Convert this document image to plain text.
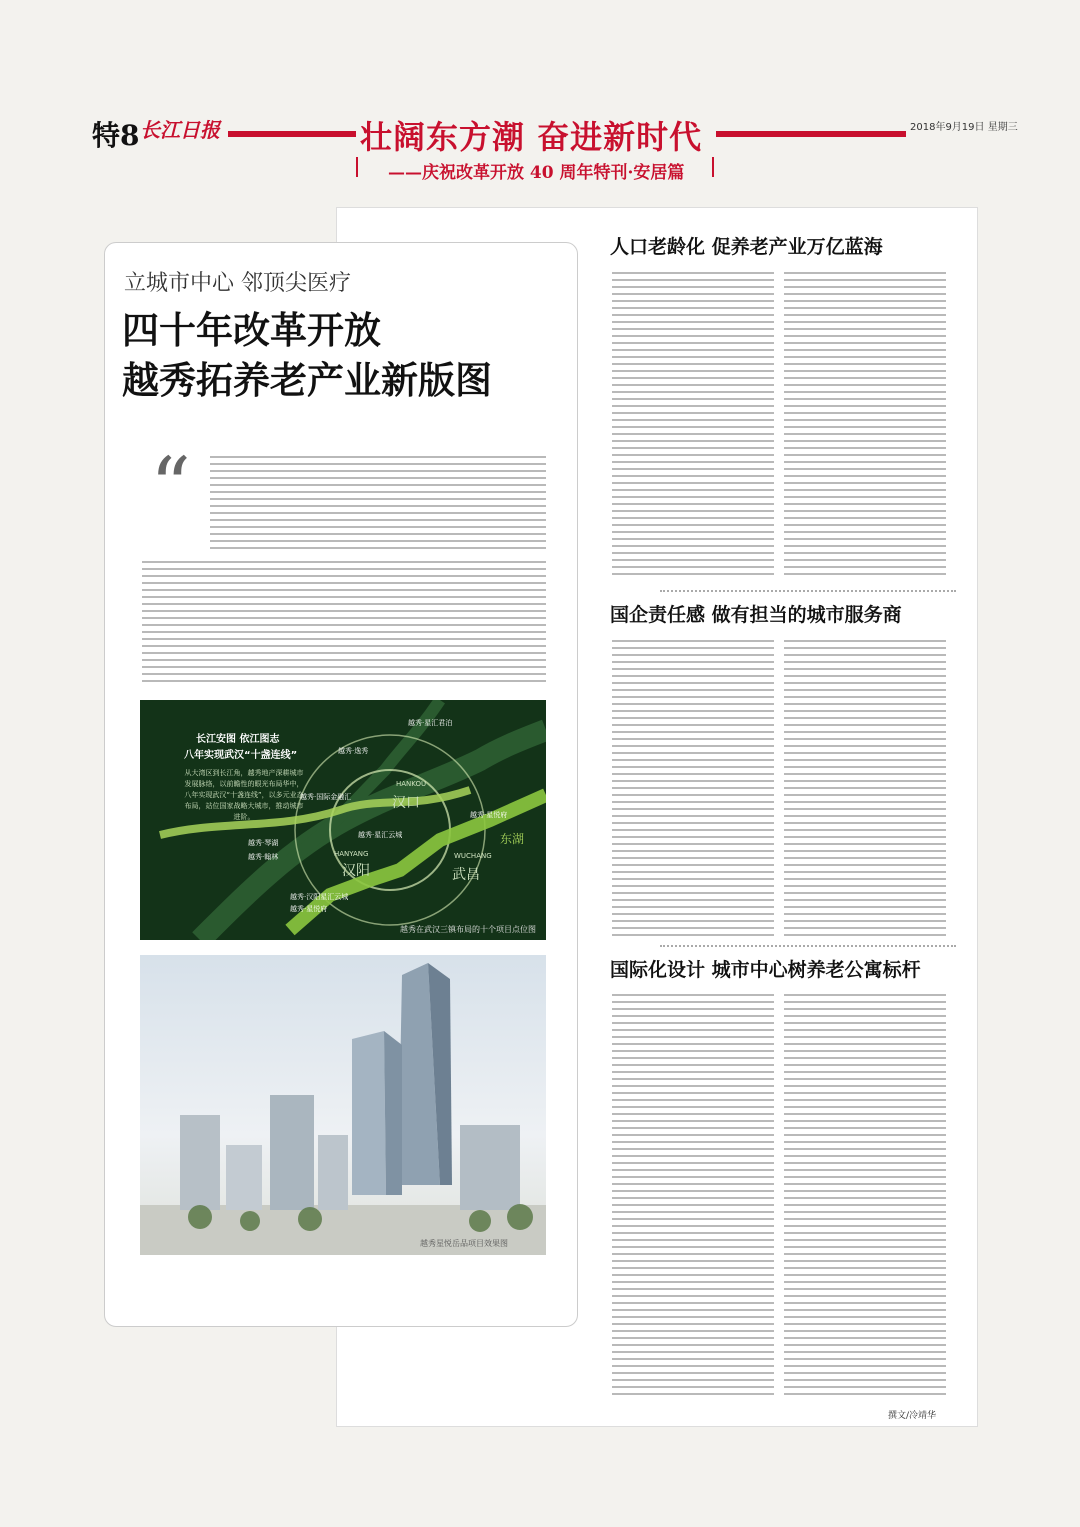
特8 长江日报	壮阔东方潮 奋进新时代	2018年9月19日 星期三
——庆祝改革开放 40 周年特刊·安居篇
人口老龄化 促养老产业万亿蓝海
国企责任感 做有担当的城市服务商
国际化设计 城市中心树养老公寓标杆
撰文/冷靖华
立城市中心 邻顶尖医疗
四十年改革开放
越秀拓养老产业新版图
“
长江安图 依江图志
八年实现武汉“十盏连线”
从大湾区到长江角，越秀地产深耕城市发展脉络，以前瞻性的眼光布局华中，八年实现武汉“十盏连线”，以多元业态布局，站位国家战略大城市，推动城市进阶。
越秀·星汇君泊
越秀·逸秀
越秀·国际金融汇	汉口
HANKOU
越秀·星汇云城
越秀·星悦府
东湖
越秀·琴湖
越秀·翰林
汉阳
HANYANG
武昌
WUCHANG
越秀·汉阳星汇云城
越秀·星悦府
越秀在武汉三镇布局的十个项目点位图
越秀星悦岳品项目效果图
